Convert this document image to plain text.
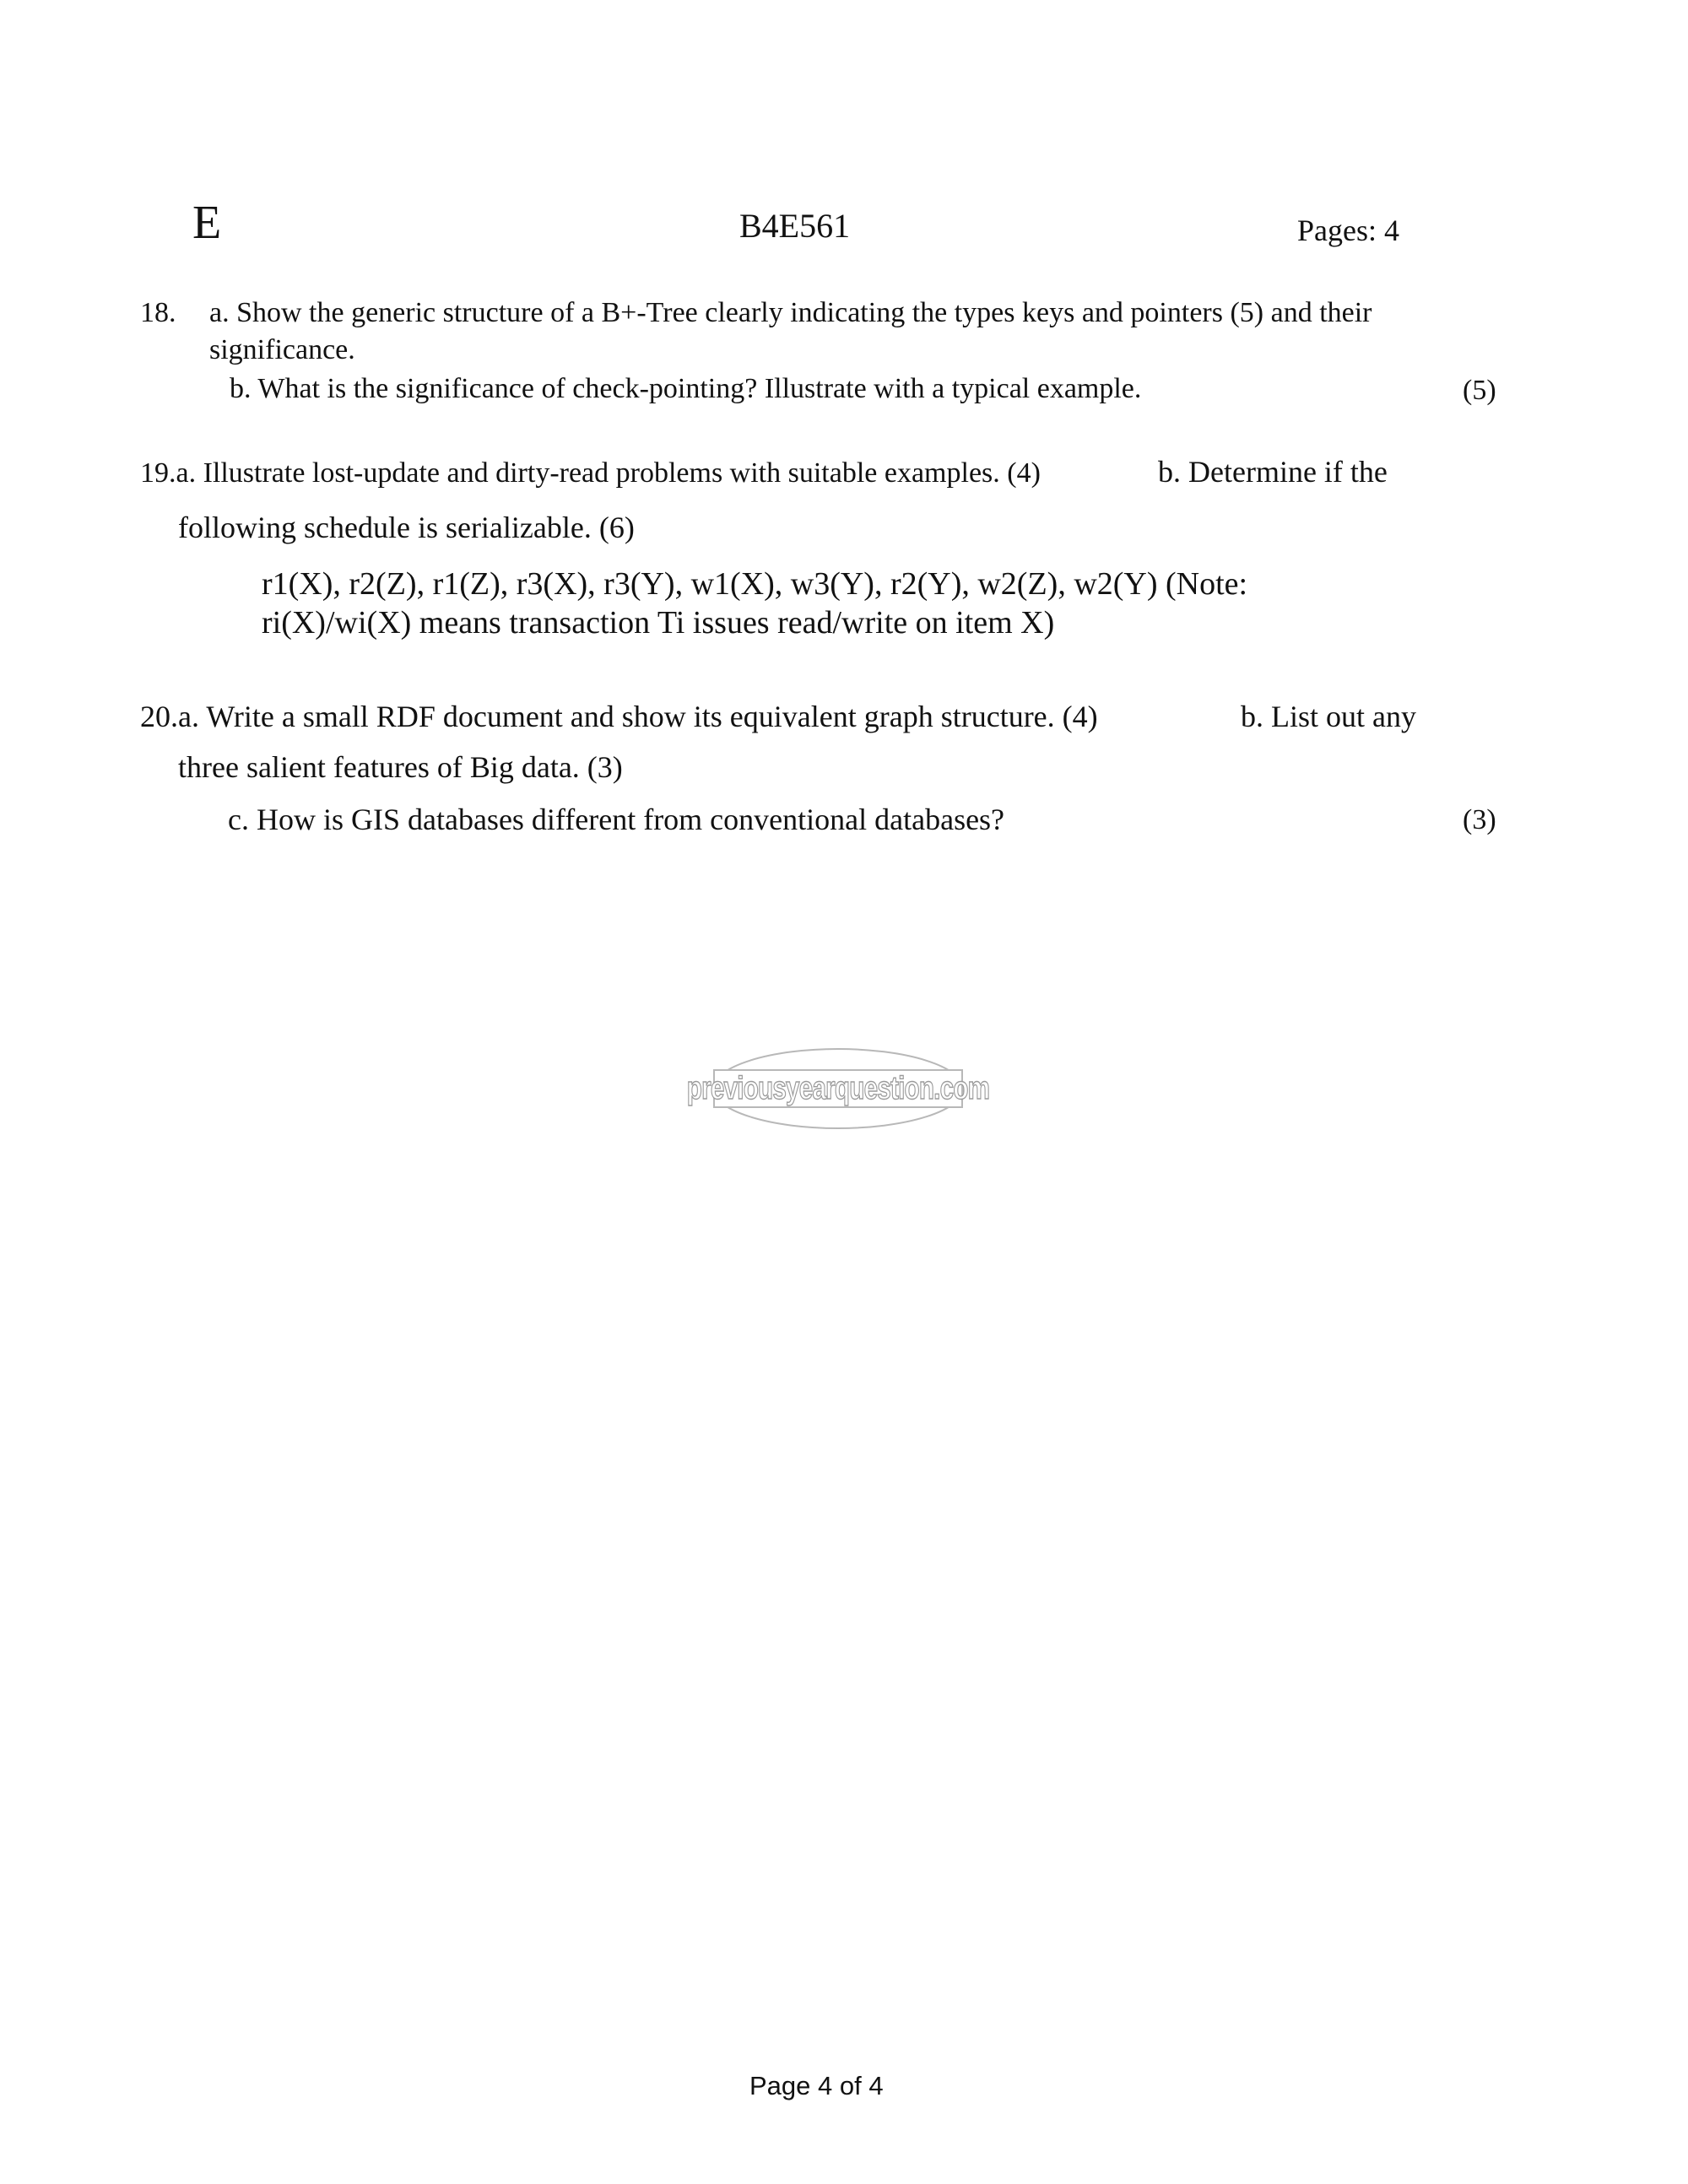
E	B4E561	Pages: 4
18. a. Show the generic structure of a B+-Tree clearly indicating the types keys and pointers (5) and their
significance.
b. What is the significance of check-pointing? Illustrate with a typical example.	(5)
19.a. Illustrate lost-update and dirty-read problems with suitable examples. (4)	b. Determine if the
following schedule is serializable. (6)
r1(X), r2(Z), r1(Z), r3(X), r3(Y), w1(X), w3(Y), r2(Y), w2(Z), w2(Y) (Note:
ri(X)/wi(X) means transaction Ti issues read/write on item X)
20.a. Write a small RDF document and show its equivalent graph structure. (4)	b. List out any
three salient features of Big data. (3)
c. How is GIS databases different from conventional databases?	(3)
previousyearquestion.com
Page 4 of 4
